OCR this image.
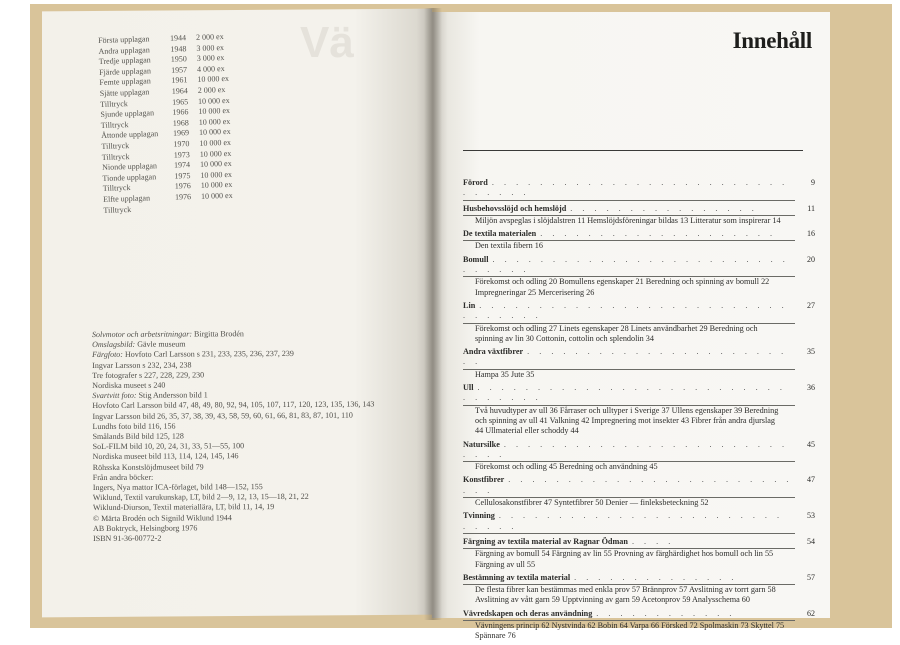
Vä
Första upplagan	1944	2 000 ex
Andra upplagan	1948	3 000 ex
Tredje upplagan	1950	3 000 ex
Fjärde upplagan	1957	4 000 ex
Femte upplagan	1961	10 000 ex
Sjätte upplagan	1964	2 000 ex
Tilltryck	1965	10 000 ex
Sjunde upplagan	1966	10 000 ex
Tilltryck	1968	10 000 ex
Åttonde upplagan	1969	10 000 ex
Tilltryck	1970	10 000 ex
Tilltryck	1973	10 000 ex
Nionde upplagan	1974	10 000 ex
Tionde upplagan	1975	10 000 ex
Tilltryck	1976	10 000 ex
Elfte upplagan	1976	10 000 ex
Tilltryck
Solvmotor och arbetsritningar: Birgitta Brodén
Omslagsbild: Gävle museum
Färgfoto: Hovfoto Carl Larsson s 231, 233, 235, 236, 237, 239
Ingvar Larsson s 232, 234, 238
Tre fotografer s 227, 228, 229, 230
Nordiska museet s 240
Svartvitt foto: Stig Andersson bild 1
Hovfoto Carl Larsson bild 47, 48, 49, 80, 92, 94, 105, 107, 117, 120, 123, 135, 136, 143
Ingvar Larsson bild 26, 35, 37, 38, 39, 43, 58, 59, 60, 61, 66, 81, 83, 87, 101, 110
Lundhs foto bild 116, 156
Smålands Bild bild 125, 128
SoL-FILM bild 10, 20, 24, 31, 33, 51—55, 100
Nordiska museet bild 113, 114, 124, 145, 146
Röhsska Konstslöjdmuseet bild 79
Från andra böcker:
Ingers, Nya mattor ICA-förlaget, bild 148—152, 155
Wiklund, Textil varukunskap, LT, bild 2—9, 12, 13, 15—18, 21, 22
Wiklund-Diurson, Textil materiallära, LT, bild 11, 14, 19
© Märta Brodén och Signild Wiklund 1944
AB Boktryck, Helsingborg 1976
ISBN 91-36-00772-2
Innehåll
Förord . . . . . . . . . . . . . . . . . . . . . . . . . . . . . . .
9
Husbehovsslöjd och hemslöjd . . . . . . . . . . . . . . . .	11
Miljön avspeglas i slöjdalstren 11 Hemslöjdsföreningar bildas 13 Litteratur som inspirerar 14
De textila materialen . . . . . . . . . . . . . . . . . . . .	16
Den textila fibern 16
Bomull . . . . . . . . . . . . . . . . . . . . . . . . . . . . . . .
20
Förekomst och odling 20 Bomullens egenskaper 21 Beredning och spinning av bomull 22 Impregneringar 25 Mercerisering 26
Lin . . . . . . . . . . . . . . . . . . . . . . . . . . . . . . . . .
27
Förekomst och odling 27 Linets egenskaper 28 Linets användbarhet 29 Beredning och spinning av lin 30 Cottonin, cottolin och splendolin 34
Andra växtfibrer . . . . . . . . . . . . . . . . . . . . . . . .
35
Hampa 35 Jute 35
Ull . . . . . . . . . . . . . . . . . . . . . . . . . . . . . . . . .
36
Två huvudtyper av ull 36 Fårraser och ulltyper i Sverige 37 Ullens egenskaper 39 Beredning och spinning av ull 41 Valkning 42 Impregnering mot insekter 43 Fibrer från andra djurslag 44 Ullmaterial eller schoddy 44
Natursilke . . . . . . . . . . . . . . . . . . . . . . . . . . . .
45
Förekomst och odling 45 Beredning och användning 45
Konstfibrer . . . . . . . . . . . . . . . . . . . . . . . . . . .
47
Cellulosakonstfibrer 47 Syntetfibrer 50 Denier — finleksbeteckning 52
Tvinning . . . . . . . . . . . . . . . . . . . . . . . . . . . . .
53
Färgning av textila material av Ragnar Ödman . . . .	54
Färgning av bomull 54 Färgning av lin 55 Provning av färghärdighet hos bomull och lin 55 Färgning av ull 55
Bestämning av textila material . . . . . . . . . . . . . .	57
De flesta fibrer kan bestämmas med enkla prov 57 Brännprov 57 Avslitning av torrt garn 58 Avslitning av vått garn 59 Upptvinning av garn 59 Acetonprov 59 Analysschema 60
Vävredskapen och deras användning . . . . . . . . . . . .	62
Vävningens princip 62 Nystvinda 62 Bobin 64 Varpa 66 Försked 72 Spolmaskin 73 Skyttel 75 Spännare 76
